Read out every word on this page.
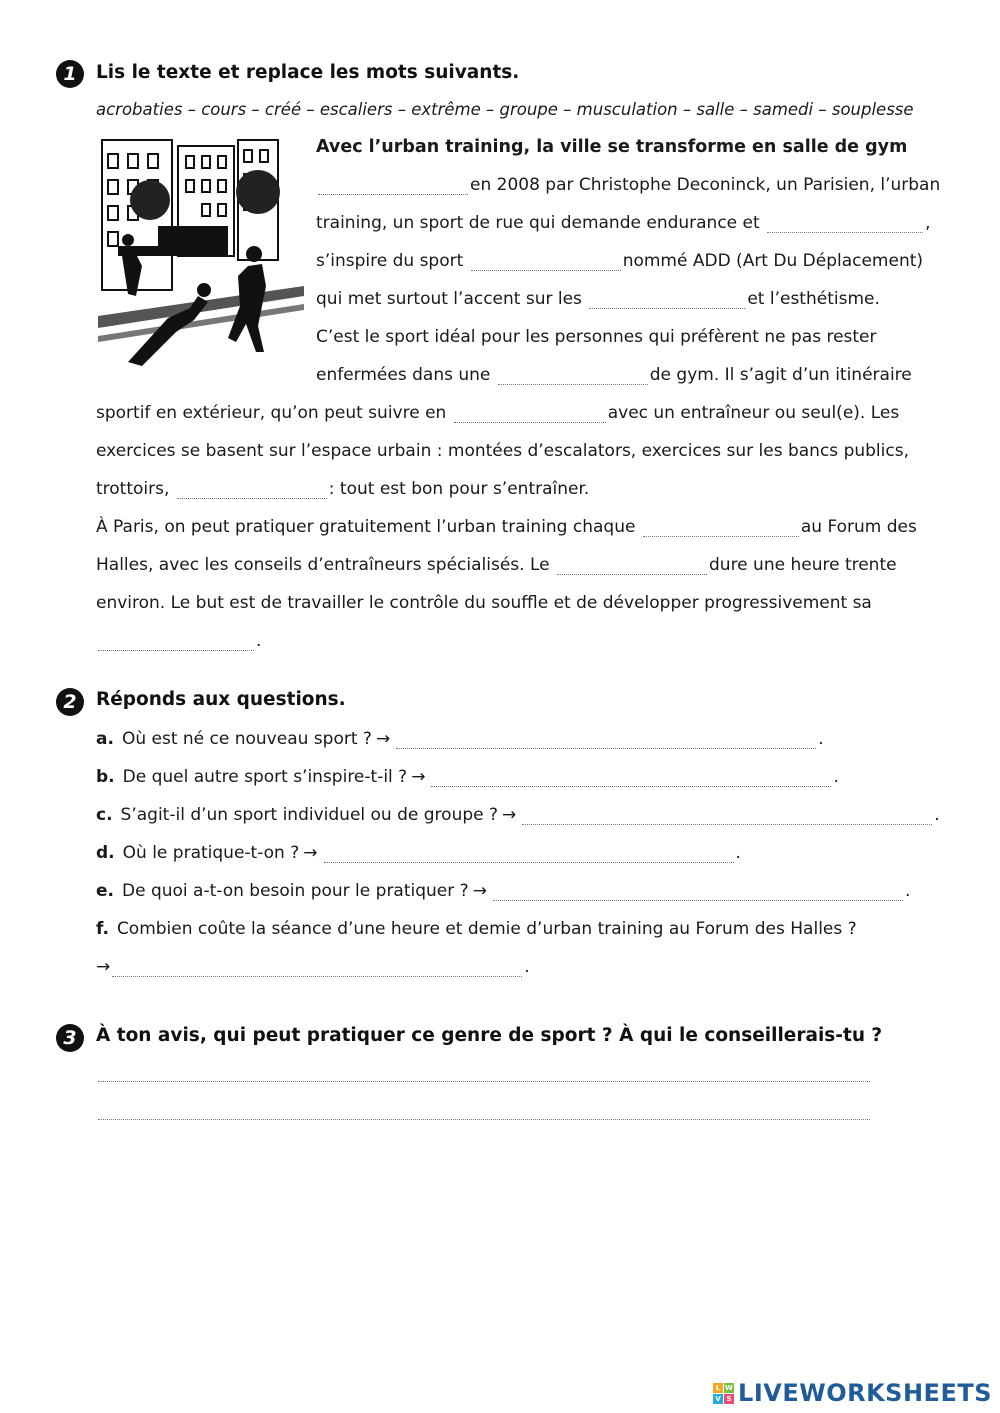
1	Lis le texte et replace les mots suivants.
acrobaties – cours – créé – escaliers – extrême – groupe – musculation – salle – samedi – souplesse
Avec l’urban training, la ville se transforme en salle de gym
en 2008 par Christophe Deconinck, un Parisien, l’urban
training, un sport de rue qui demande endurance et	,
s’inspire du sport	nommé ADD (Art Du Déplacement)
qui met surtout l’accent sur les	et l’esthétisme.
C’est le sport idéal pour les personnes qui préfèrent ne pas rester
enfermées dans une	de gym. Il s’agit d’un itinéraire
sportif en extérieur, qu’on peut suivre en	avec un entraîneur ou seul(e). Les
exercices se basent sur l’espace urbain : montées d’escalators, exercices sur les bancs publics,
trottoirs,	: tout est bon pour s’entraîner.
À Paris, on peut pratiquer gratuitement l’urban training chaque	au Forum des
Halles, avec les conseils d’entraîneurs spécialisés. Le	dure une heure trente
environ. Le but est de travailler le contrôle du souffle et de développer progressivement sa
.
2	Réponds aux questions.
a. Où est né ce nouveau sport ? →	.
b. De quel autre sport s’inspire-t-il ? →	.
c. S’agit-il d’un sport individuel ou de groupe ? →	.
d. Où le pratique-t-on ? →	.
e. De quoi a-t-on besoin pour le pratiquer ? →	.
f. Combien coûte la séance d’une heure et demie d’urban training au Forum des Halles ?
→	.
3	À ton avis, qui peut pratiquer ce genre de sport ? À qui le conseillerais-tu ?
L W
V S LIVEWORKSHEETS
